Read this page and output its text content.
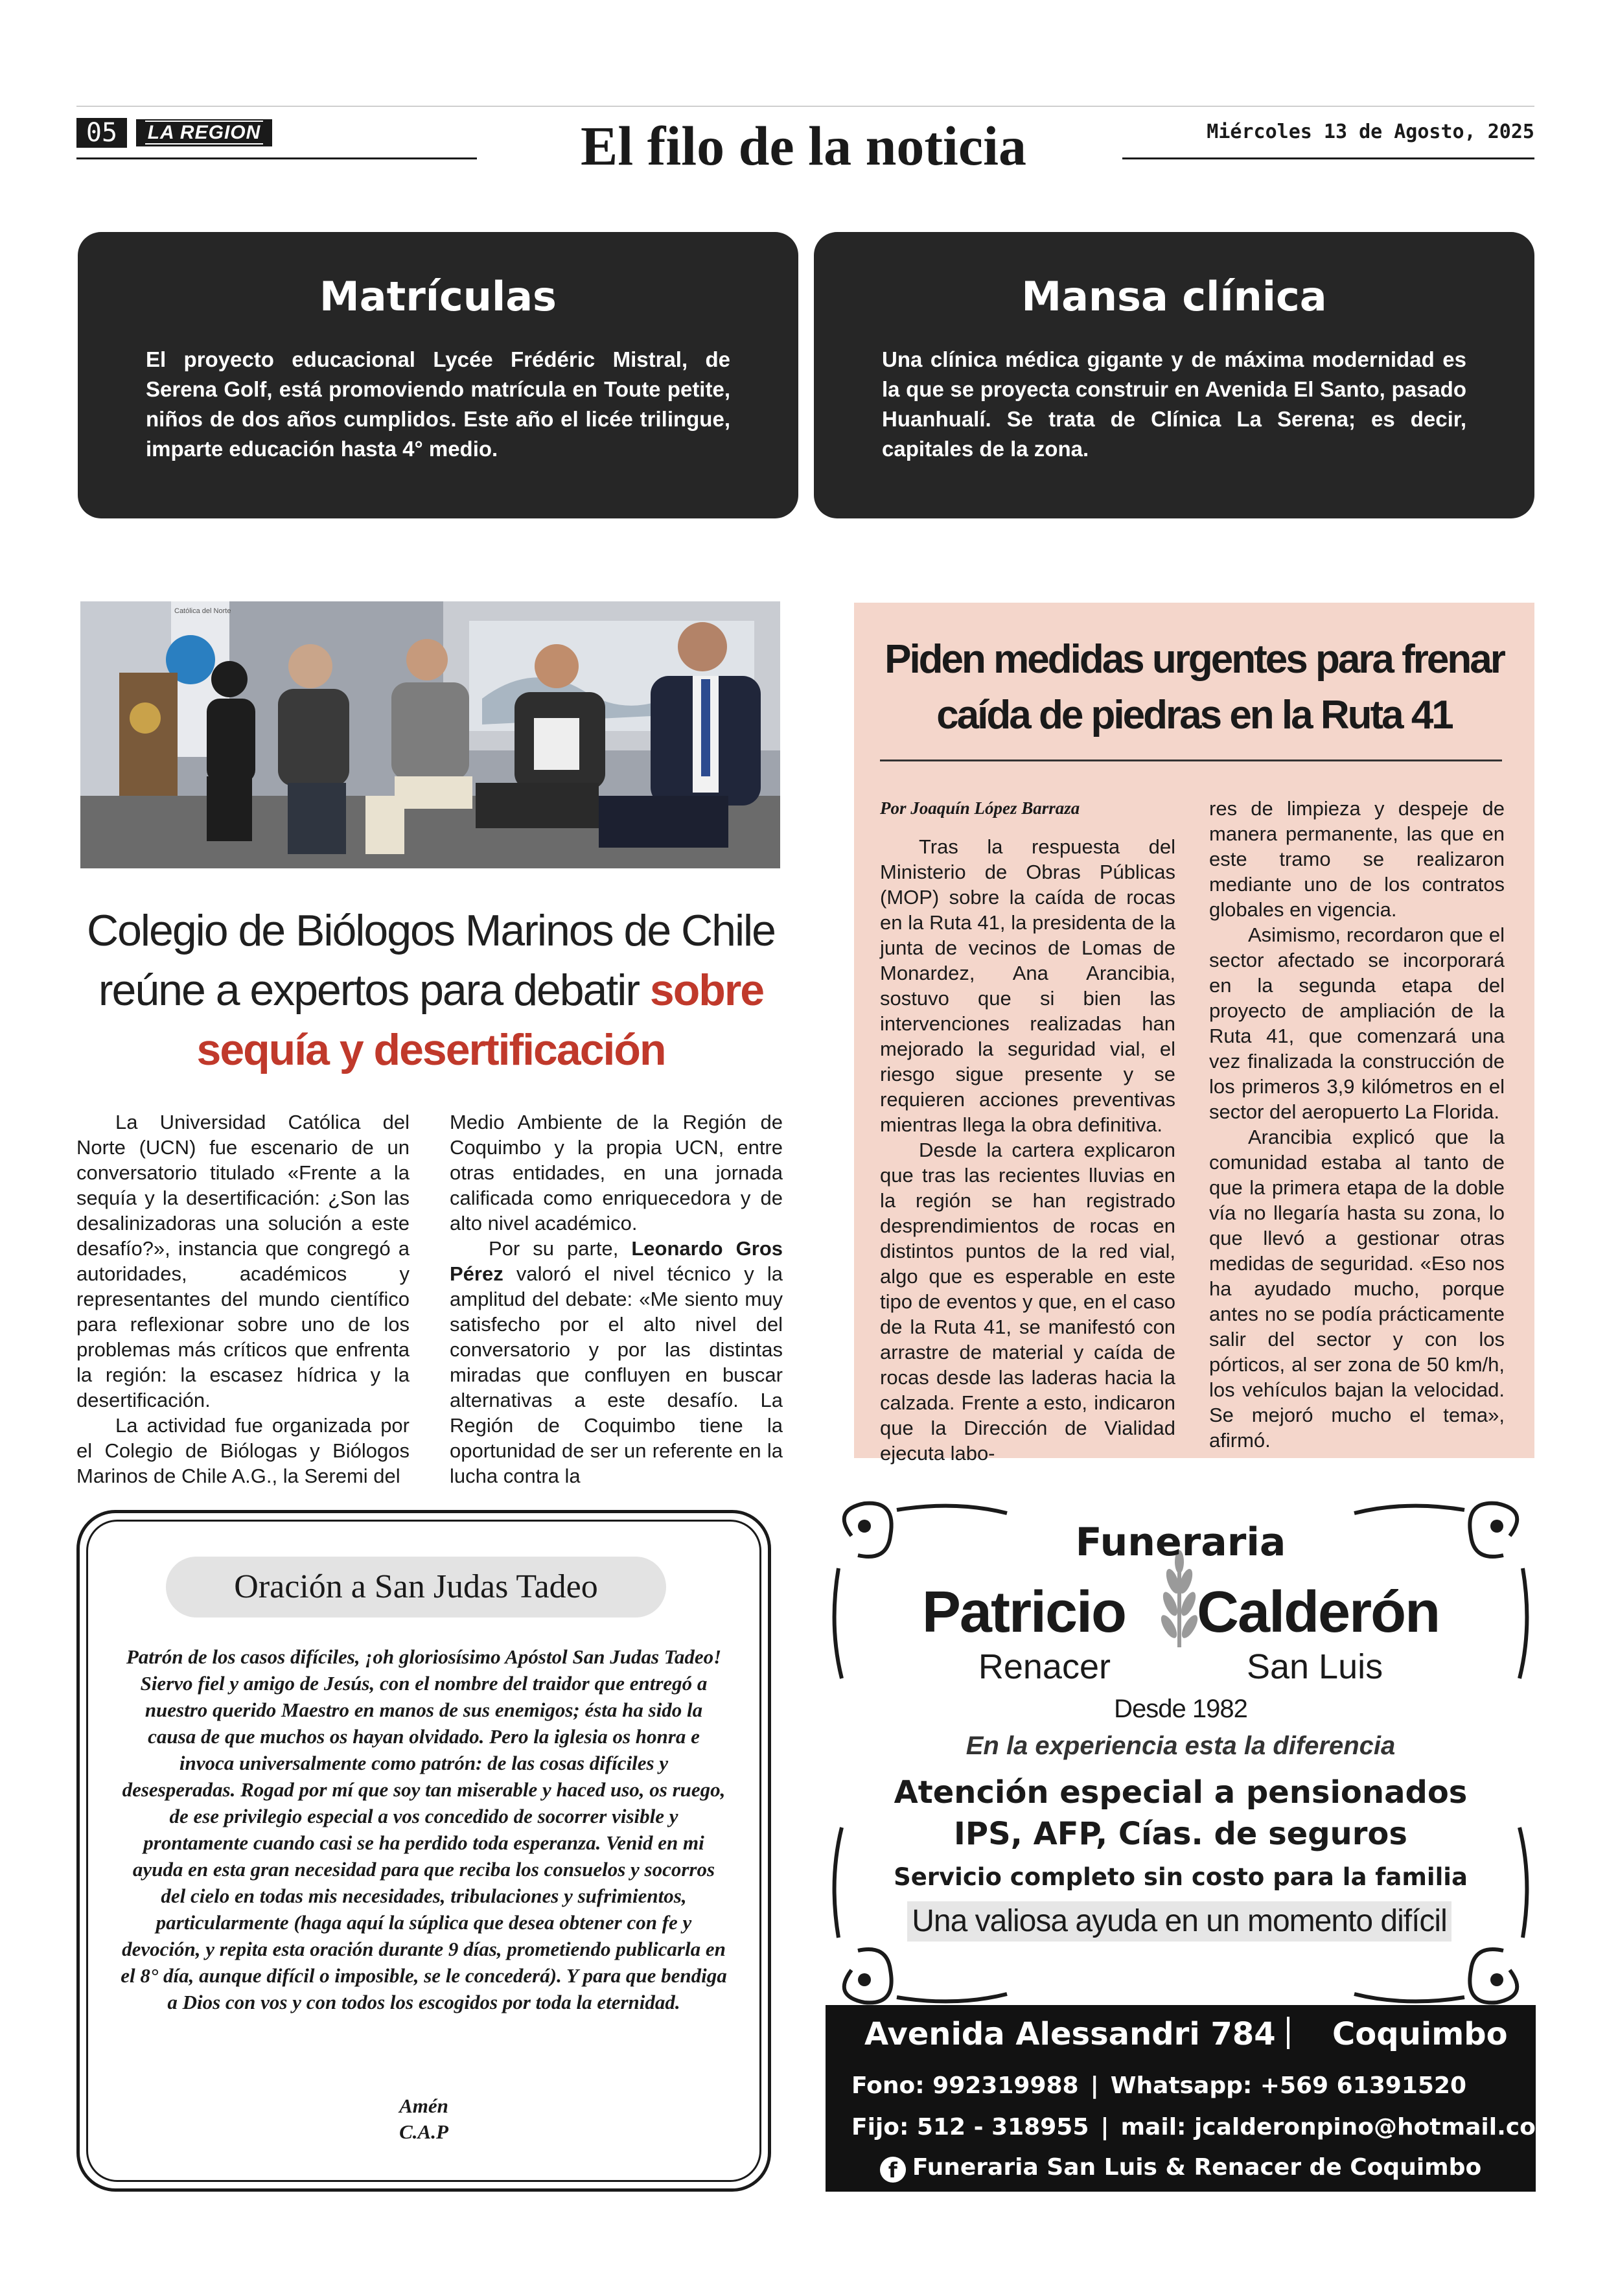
05	LA REGION	El filo de la noticia	Miércoles 13 de Agosto, 2025
Matrículas
El proyecto educacional Lycée Frédéric Mistral, de Serena Golf, está promoviendo matrícula en Toute petite, niños de dos años cumplidos. Este año el licée trilingue, imparte educación hasta 4° medio.
Mansa clínica
Una clínica médica gigante y de máxima modernidad es la que se proyecta construir en Avenida El Santo, pasado Huanhualí. Se trata de Clínica La Serena; es decir, capitales de la zona.
Católica del Norte
Colegio de Biólogos Marinos de Chile
reúne a expertos para debatir sobre
sequía y desertificación

La Universidad Católica del Norte (UCN) fue escenario de un conversatorio titulado «Frente a la sequía y la desertificación: ¿Son las desalinizadoras una solución a este desafío?», instancia que congregó a autoridades, académicos y representantes del mundo científico para reflexionar sobre uno de los problemas más críticos que enfrenta la región: la escasez hídrica y la desertificación.

La actividad fue organizada por el Colegio de Biólogas y Biólogos Marinos de Chile A.G., la Seremi del

Medio Ambiente de la Región de Coquimbo y la propia UCN, entre otras entidades, en una jornada calificada como enriquecedora y de alto nivel académico.

Por su parte, Leonardo Gros Pérez valoró el nivel técnico y la amplitud del debate: «Me siento muy satisfecho por el alto nivel del conversatorio y por las distintas miradas que confluyen en buscar alternativas a este desafío. La Región de Coquimbo tiene la oportunidad de ser un referente en la lucha contra la

Piden medidas urgentes para frenar caída de piedras en la Ruta 41
Por Joaquín López Barraza

Tras la respuesta del Ministerio de Obras Públicas (MOP) sobre la caída de rocas en la Ruta 41, la presidenta de la junta de vecinos de Lomas de Monardez, Ana Arancibia, sostuvo que si bien las intervenciones realizadas han mejorado la seguridad vial, el riesgo sigue presente y se requieren acciones preventivas mientras llega la obra definitiva.

Desde la cartera explicaron que tras las recientes lluvias en la región se han registrado desprendimientos de rocas en distintos puntos de la red vial, algo que es esperable en este tipo de eventos y que, en el caso de la Ruta 41, se manifestó con arrastre de material y caída de rocas desde las laderas hacia la calzada. Frente a esto, indicaron que la Dirección de Vialidad ejecuta labo-

res de limpieza y despeje de manera permanente, las que en este tramo se realizaron mediante uno de los contratos globales en vigencia.

Asimismo, recordaron que el sector afectado se incorporará en la segunda etapa del proyecto de ampliación de la Ruta 41, que comenzará una vez finalizada la construcción de los primeros 3,9 kilómetros en el sector del aeropuerto La Florida.

Arancibia explicó que la comunidad estaba al tanto de que la primera etapa de la doble vía no llegaría hasta su zona, lo que llevó a gestionar otras medidas de seguridad. «Eso nos ha ayudado mucho, porque antes no se podía prácticamente salir del sector y con los pórticos, al ser zona de 50 km/h, los vehículos bajan la velocidad. Se mejoró mucho el tema», afirmó.

Oración a San Judas Tadeo
Patrón de los casos difíciles, ¡oh gloriosísimo Apóstol San Judas Tadeo! Siervo fiel y amigo de Jesús, con el nombre del traidor que entregó a nuestro querido Maestro en manos de sus enemigos; ésta ha sido la causa de que muchos os hayan olvidado. Pero la iglesia os honra e invoca universalmente como patrón: de las cosas difíciles y desesperadas. Rogad por mí que soy tan miserable y haced uso, os ruego, de ese privilegio especial a vos concedido de socorrer visible y prontamente cuando casi se ha perdido toda esperanza. Venid en mi ayuda en esta gran necesidad para que reciba los consuelos y socorros del cielo en todas mis necesidades, tribulaciones y sufrimientos, particularmente (haga aquí la súplica que desea obtener con fe y devoción, y repita esta oración durante 9 días, prometiendo publicarla en el 8° día, aunque difícil o imposible, se le concederá). Y para que bendiga a Dios con vos y con todos los escogidos por toda la eternidad.
Amén
C.A.P
Funeraria
Patricio Calderón
Renacer	San Luis
Desde 1982
En la experiencia esta la diferencia
Atención especial a pensionados
IPS, AFP, Cías. de seguros
Servicio completo sin costo para la familia
Una valiosa ayuda en un momento difícil
Avenida Alessandri 784 Coquimbo
Fono: 992319988 | Whatsapp: +569 61391520
Fijo: 512 - 318955 | mail: jcalderonpino@hotmail.com
f Funeraria San Luis & Renacer de Coquimbo
